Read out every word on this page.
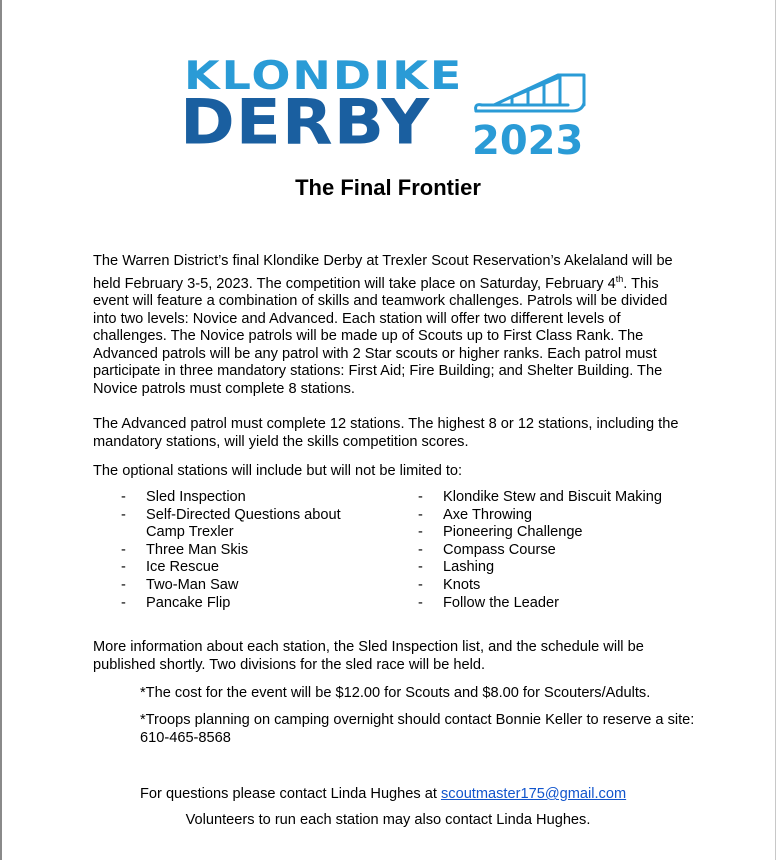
KLONDIKE
DERBY 2023
The Final Frontier
The Warren District’s final Klondike Derby at Trexler Scout Reservation’s Akelaland will be held February 3-5, 2023. The competition will take place on Saturday, February 4th. This event will feature a combination of skills and teamwork challenges. Patrols will be divided into two levels: Novice and Advanced. Each station will offer two different levels of challenges. The Novice patrols will be made up of Scouts up to First Class Rank. The Advanced patrols will be any patrol with 2 Star scouts or higher ranks. Each patrol must participate in three mandatory stations: First Aid; Fire Building; and Shelter Building. The Novice patrols must complete 8 stations.
The Advanced patrol must complete 12 stations. The highest 8 or 12 stations, including the mandatory stations, will yield the skills competition scores.
The optional stations will include but will not be limited to:
- Sled Inspection
- Self-Directed Questions about Camp Trexler
- Three Man Skis
- Ice Rescue
- Two-Man Saw
- Pancake Flip
- Klondike Stew and Biscuit Making
- Axe Throwing
- Pioneering Challenge
- Compass Course
- Lashing
- Knots
- Follow the Leader
More information about each station, the Sled Inspection list, and the schedule will be published shortly. Two divisions for the sled race will be held.
*The cost for the event will be $12.00 for Scouts and $8.00 for Scouters/Adults.
*Troops planning on camping overnight should contact Bonnie Keller to reserve a site: 610-465-8568
For questions please contact Linda Hughes at scoutmaster175@gmail.com
Volunteers to run each station may also contact Linda Hughes.
